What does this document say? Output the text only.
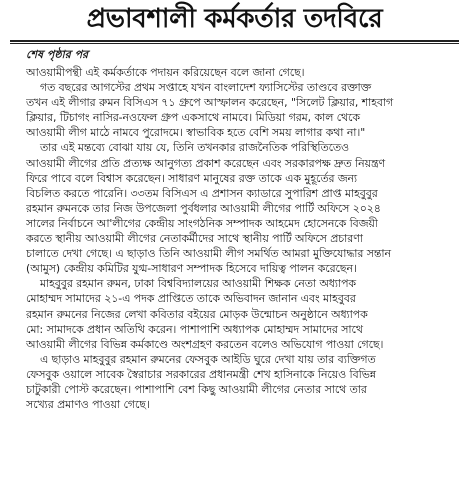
প্রভাবশালী কর্মকর্তার তদবিরে
শেষ পৃষ্ঠার পর
আওয়ামীপন্থী এই কর্মকর্তাকে পদায়ন করিয়েছেন বলে জানা গেছে।
গত বছরের আগস্টের প্রথম সপ্তাহে যখন বাংলাদেশ ফ্যাসিস্টের তাণ্ডবে রক্তাক্ত
তখন এই লীগার রুমন বিসিএস ৭১ গ্রুপে আস্ফালন করেছেন, "সিলেট ক্লিয়ার, শাহবাগ
ক্লিয়ার, টিচাগং নাসির-নওফেল গ্রুপ একসাথে নামবে। মিডিয়া গরম, কাল থেকে
আওয়ামী লীগ মাঠে নামবে পুরোদমে। স্বাভাবিক হতে বেশি সময় লাগার কথা না।"
তার এই মন্তব্যে বোঝা যায় যে, তিনি তখনকার রাজনৈতিক পরিস্থিতিতেও
আওয়ামী লীগের প্রতি প্রত্যক্ষ আনুগত্য প্রকাশ করেছেন এবং সরকারপক্ষ দ্রুত নিয়ন্ত্রণ
ফিরে পাবে বলে বিশ্বাস করেছেন। সাধারণ মানুষের রক্ত তাকে এক মুহূর্তের জন্য
বিচলিত করতে পারেনি। ৩৩তম বিসিএস এ প্রশাসন ক্যাডারে সুপারিশ প্রাপ্ত মাহবুবুর
রহমান রুমনকে তার নিজ উপজেলা পুর্বধলার আওয়ামী লীগের পার্টি অফিসে ২০২৪
সালের নির্বাচনে আ'লীগের কেন্দ্রীয় সাংগঠনিক সম্পাদক আহমেদ হোসেনকে বিজয়ী
করতে স্থানীয় আওয়ামী লীগের নেতাকর্মীদের সাথে স্থানীয় পার্টি অফিসে প্রচারণা
চালাতে দেখা গেছে। এ ছাড়াও তিনি আওয়ামী লীগ সমর্থিত আমরা মুক্তিযোদ্ধার সন্তান
(আমুস) কেন্দ্রীয় কমিটির যুগ্ম-সাধারণ সম্পাদক হিসেবে দায়িত্ব পালন করেছেন।
মাহবুবুর রহমান রুমন, ঢাকা বিশ্ববিদ্যালয়ের আওয়ামী শিক্ষক নেতা অধ্যাপক
মোহাম্মদ সামাদের ২১-এ পদক প্রাপ্তিতে তাকে অভিবাদন জানান এবং মাহবুবর
রহমান রুমনের নিজের লেখা কবিতার বইয়ের মোড়ক উন্মোচন অনুষ্ঠানে অধ্যাপক
মো: সামাদকে প্রধান অতিথি করেন। পাশাপাশি অধ্যাপক মোহাম্মদ সামাদের সাথে
আওয়ামী লীগের বিভিন্ন কর্মকাণ্ডে অংশগ্রহণ করতেন বলেও অভিযোগ পাওয়া গেছে।
এ ছাড়াও মাহবুবুর রহমান রুমনের ফেসবুক আইডি ঘুরে দেখা যায় তার ব্যক্তিগত
ফেসবুক ওয়ালে সাবেক স্বৈরাচার সরকারের প্রধানমন্ত্রী শেখ হাসিনাকে নিয়েও বিভিন্ন
চাটুকারী পোস্ট করেছেন। পাশাপাশি বেশ কিছু আওয়ামী লীগের নেতার সাথে তার
সখ্যের প্রমাণও পাওয়া গেছে।
